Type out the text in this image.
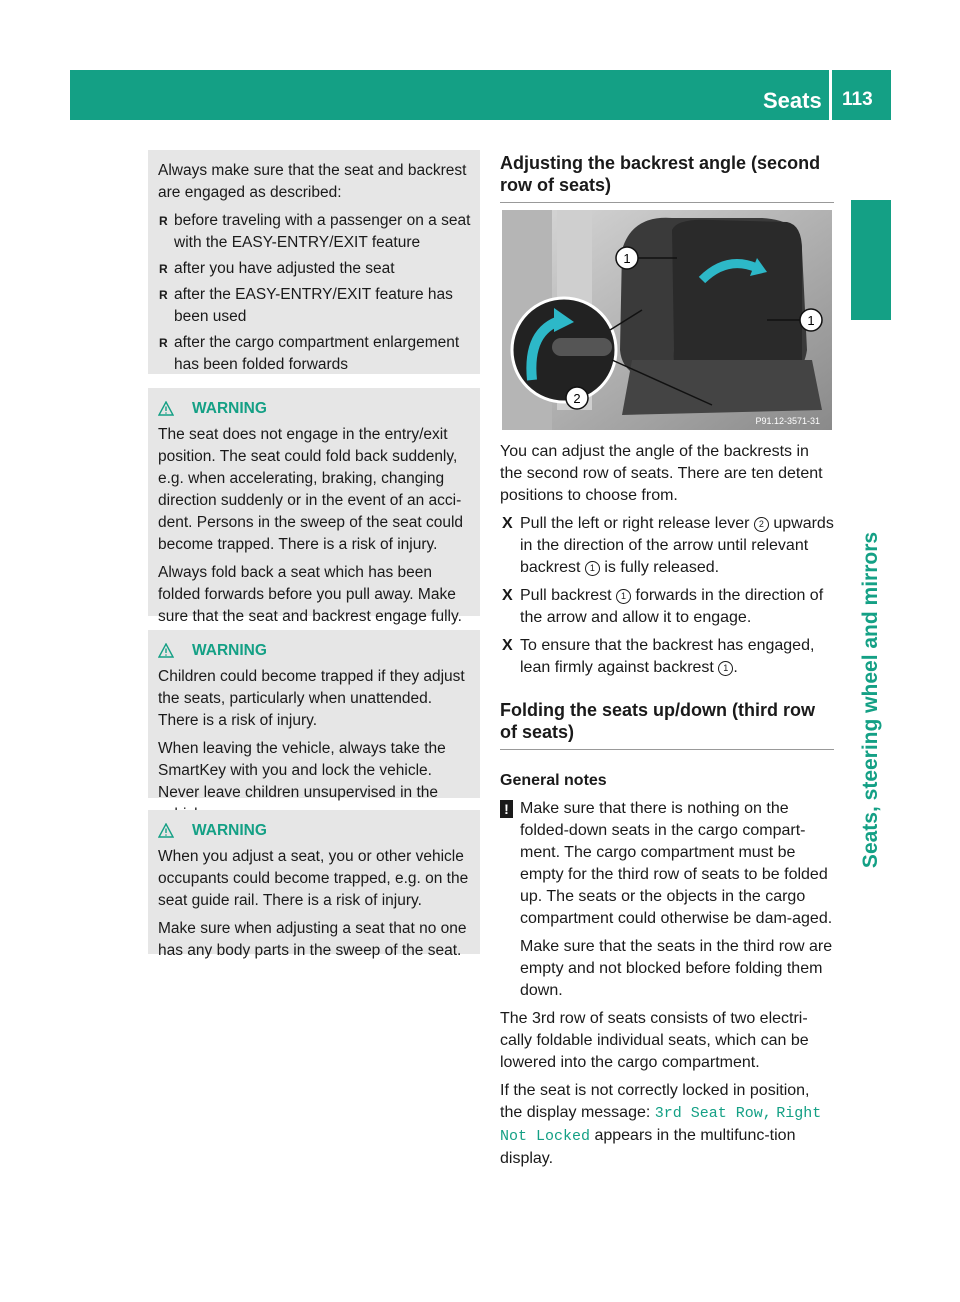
Seats 113
Seats, steering wheel and mirrors

Always make sure that the seat and backrest are engaged as described:

R before traveling with a passenger on a seat with the EASY-ENTRY/EXIT feature
R after you have adjusted the seat
R after the EASY-ENTRY/EXIT feature has been used
R after the cargo compartment enlargement has been folded forwards
WARNING

The seat does not engage in the entry/exit position. The seat could fold back suddenly, e.g. when accelerating, braking, changing direction suddenly or in the event of an acci-dent. Persons in the sweep of the seat could become trapped. There is a risk of injury.

Always fold back a seat which has been folded forwards before you pull away. Make sure that the seat and backrest engage fully.

WARNING

Children could become trapped if they adjust the seats, particularly when unattended. There is a risk of injury.

When leaving the vehicle, always take the SmartKey with you and lock the vehicle. Never leave children unsupervised in the

WARNING

When you adjust a seat, you or other vehicle occupants could become trapped, e.g. on the seat guide rail. There is a risk of injury.

Make sure when adjusting a seat that no one has any body parts in the sweep of the seat.

Adjusting the backrest angle (second row of seats)
1
1
2
P91.12-3571-31

You can adjust the angle of the backrests in the second row of seats. There are ten detent positions to choose from.

X Pull the left or right release lever 2 upwards in the direction of the arrow until relevant backrest 1 is fully released.
X Pull backrest 1 forwards in the direction of the arrow and allow it to engage.
X To ensure that the backrest has engaged, lean firmly against backrest 1 .
Folding the seats up/down (third row of seats)

General notes

! Make sure that there is nothing on the folded-down seats in the cargo compart-ment. The cargo compartment must be empty for the third row of seats to be folded up. The seats or the objects in the cargo compartment could otherwise be dam-aged.

Make sure that the seats in the third row are empty and not blocked before folding them down.

The 3rd row of seats consists of two electri-cally foldable individual seats, which can be lowered into the cargo compartment.

If the seat is not correctly locked in position, the display message: 3rd Seat Row, Right Not Locked appears in the multifunc-tion display.
